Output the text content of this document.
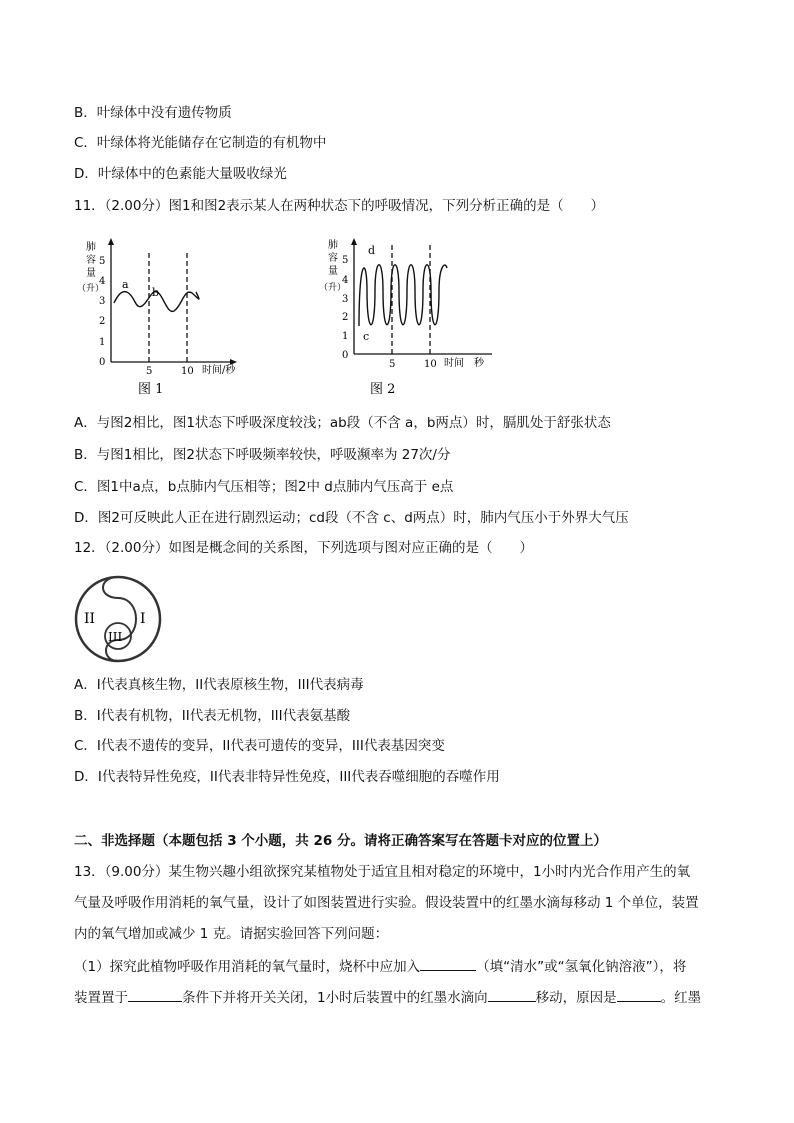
B．叶绿体中没有遗传物质
C．叶绿体将光能储存在它制造的有机物中
D．叶绿体中的色素能大量吸收绿光
11．（2.00分）图1和图2表示某人在两种状态下的呼吸情况，下列分析正确的是（　　）
肺
容
量
（升）
0
1
2
3
4
5
a
b
5	10 时间/秒
图 1
肺
容
量
（升）
0
1
2
3
4
5
d
c
5	10 时间 秒
图 2
A．与图2相比，图1状态下呼吸深度较浅；ab段（不含 a，b两点）时，膈肌处于舒张状态
B．与图1相比，图2状态下呼吸频率较快，呼吸濒率为 27次/分
C．图1中a点，b点肺内气压相等；图2中 d点肺内气压高于 e点
D．图2可反映此人正在进行剧烈运动；cd段（不含 c、d两点）时，肺内气压小于外界大气压
12．（2.00分）如图是概念间的关系图，下列选项与图对应正确的是（　　）
II	I
III
A．I代表真核生物，II代表原核生物，III代表病毒
B．I代表有机物，II代表无机物，III代表氨基酸
C．I代表不遗传的变异，II代表可遗传的变异，III代表基因突变
D．I代表特异性免疫，II代表非特异性免疫，III代表吞噬细胞的吞噬作用
二、非选择题（本题包括 3 个小题，共 26 分。请将正确答案写在答题卡对应的位置上）
13．（9.00分）某生物兴趣小组欲探究某植物处于适宜且相对稳定的环境中，1小时内光合作用产生的氧
气量及呼吸作用消耗的氧气量，设计了如图装置进行实验。假设装置中的红墨水滴每移动 1 个单位，装置
内的氧气增加或减少 1 克。请据实验回答下列问题：
（1）探究此植物呼吸作用消耗的氧气量时，烧杯中应加入	（填“清水”或“氢氧化钠溶液”），将
装置置于	条件下并将开关关闭，1小时后装置中的红墨水滴向	移动，原因是	。红墨
